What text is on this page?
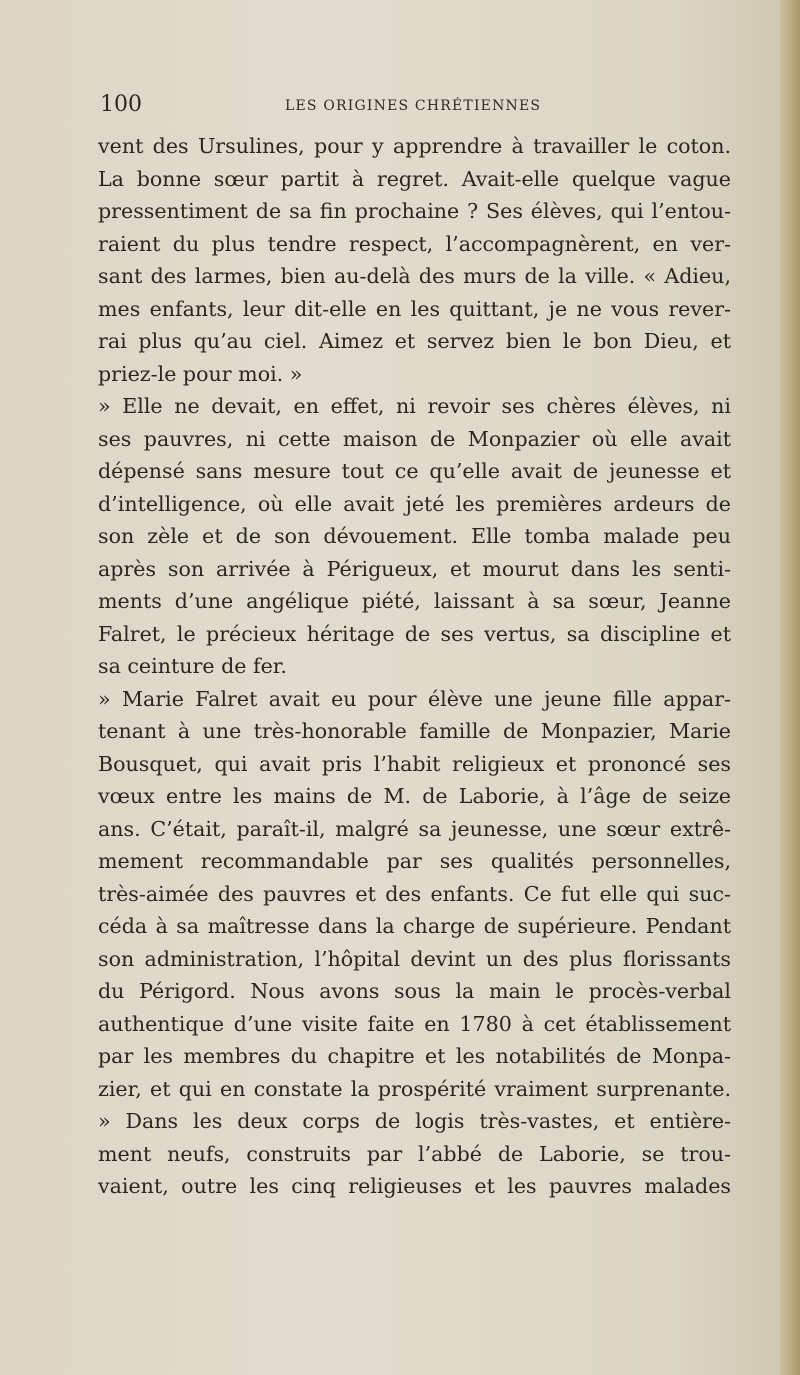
100	LES ORIGINES CHRÉTIENNES
vent des Ursulines, pour y apprendre à travailler le coton.
La bonne sœur partit à regret. Avait-elle quelque vague
pressentiment de sa fin prochaine ? Ses élèves, qui l’entou-
raient du plus tendre respect, l’accompagnèrent, en ver-
sant des larmes, bien au-delà des murs de la ville. « Adieu,
mes enfants, leur dit-elle en les quittant, je ne vous rever-
rai plus qu’au ciel. Aimez et servez bien le bon Dieu, et
priez-le pour moi. »
» Elle ne devait, en effet, ni revoir ses chères élèves, ni
ses pauvres, ni cette maison de Monpazier où elle avait
dépensé sans mesure tout ce qu’elle avait de jeunesse et
d’intelligence, où elle avait jeté les premières ardeurs de
son zèle et de son dévouement. Elle tomba malade peu
après son arrivée à Périgueux, et mourut dans les senti-
ments d’une angélique piété, laissant à sa sœur, Jeanne
Falret, le précieux héritage de ses vertus, sa discipline et
sa ceinture de fer.
» Marie Falret avait eu pour élève une jeune fille appar-
tenant à une très-honorable famille de Monpazier, Marie
Bousquet, qui avait pris l’habit religieux et prononcé ses
vœux entre les mains de M. de Laborie, à l’âge de seize
ans. C’était, paraît-il, malgré sa jeunesse, une sœur extrê-
mement recommandable par ses qualités personnelles,
très-aimée des pauvres et des enfants. Ce fut elle qui suc-
céda à sa maîtresse dans la charge de supérieure. Pendant
son administration, l’hôpital devint un des plus florissants
du Périgord. Nous avons sous la main le procès-verbal
authentique d’une visite faite en 1780 à cet établissement
par les membres du chapitre et les notabilités de Monpa-
zier, et qui en constate la prospérité vraiment surprenante.
» Dans les deux corps de logis très-vastes, et entière-
ment neufs, construits par l’abbé de Laborie, se trou-
vaient, outre les cinq religieuses et les pauvres malades
